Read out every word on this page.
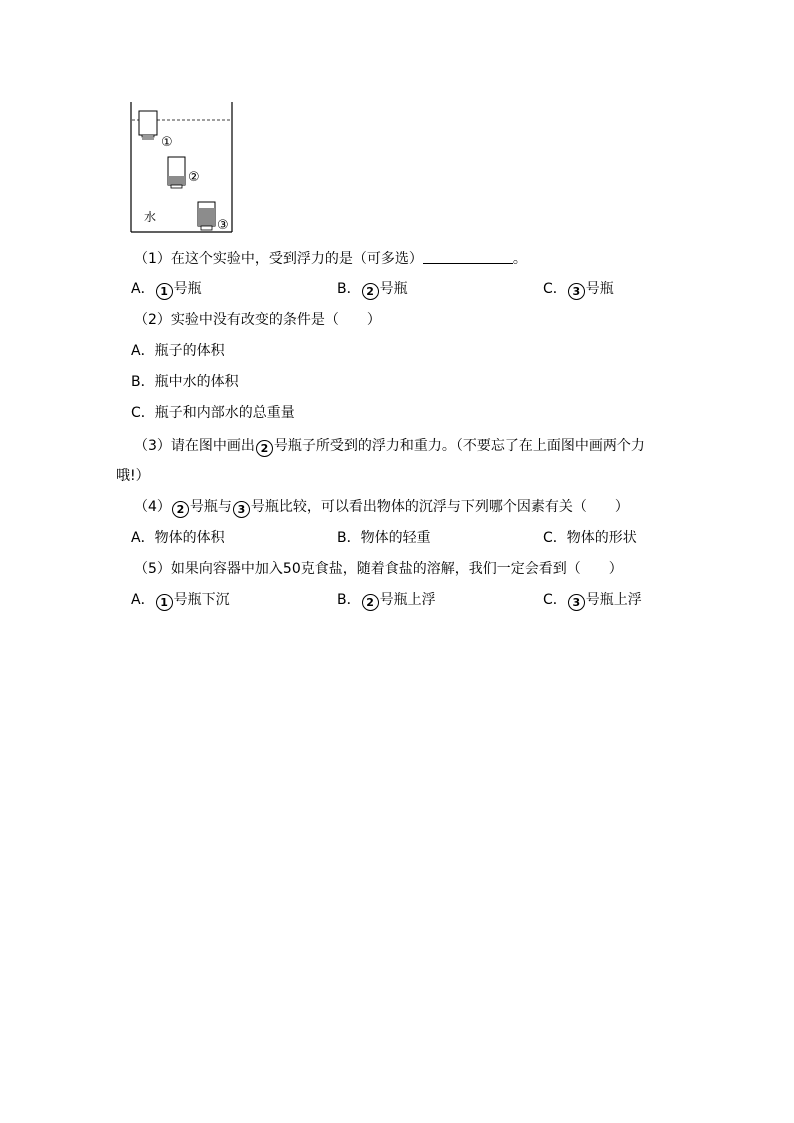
①
②
③
水
（1）在这个实验中，受到浮力的是（可多选）	。
A． 1 号瓶	B． 2 号瓶	C． 3 号瓶
（2）实验中没有改变的条件是（　　）
A．瓶子的体积
B．瓶中水的体积
C．瓶子和内部水的总重量
（3）请在图中画出 2 号瓶子所受到的浮力和重力。（不要忘了在上面图中画两个力
哦!）
（4） 2 号瓶与 3 号瓶比较，可以看出物体的沉浮与下列哪个因素有关（　　）
A．物体的体积	B．物体的轻重	C．物体的形状
（5）如果向容器中加入50克食盐，随着食盐的溶解，我们一定会看到（　　）
A． 1 号瓶下沉	B． 2 号瓶上浮	C． 3 号瓶上浮
